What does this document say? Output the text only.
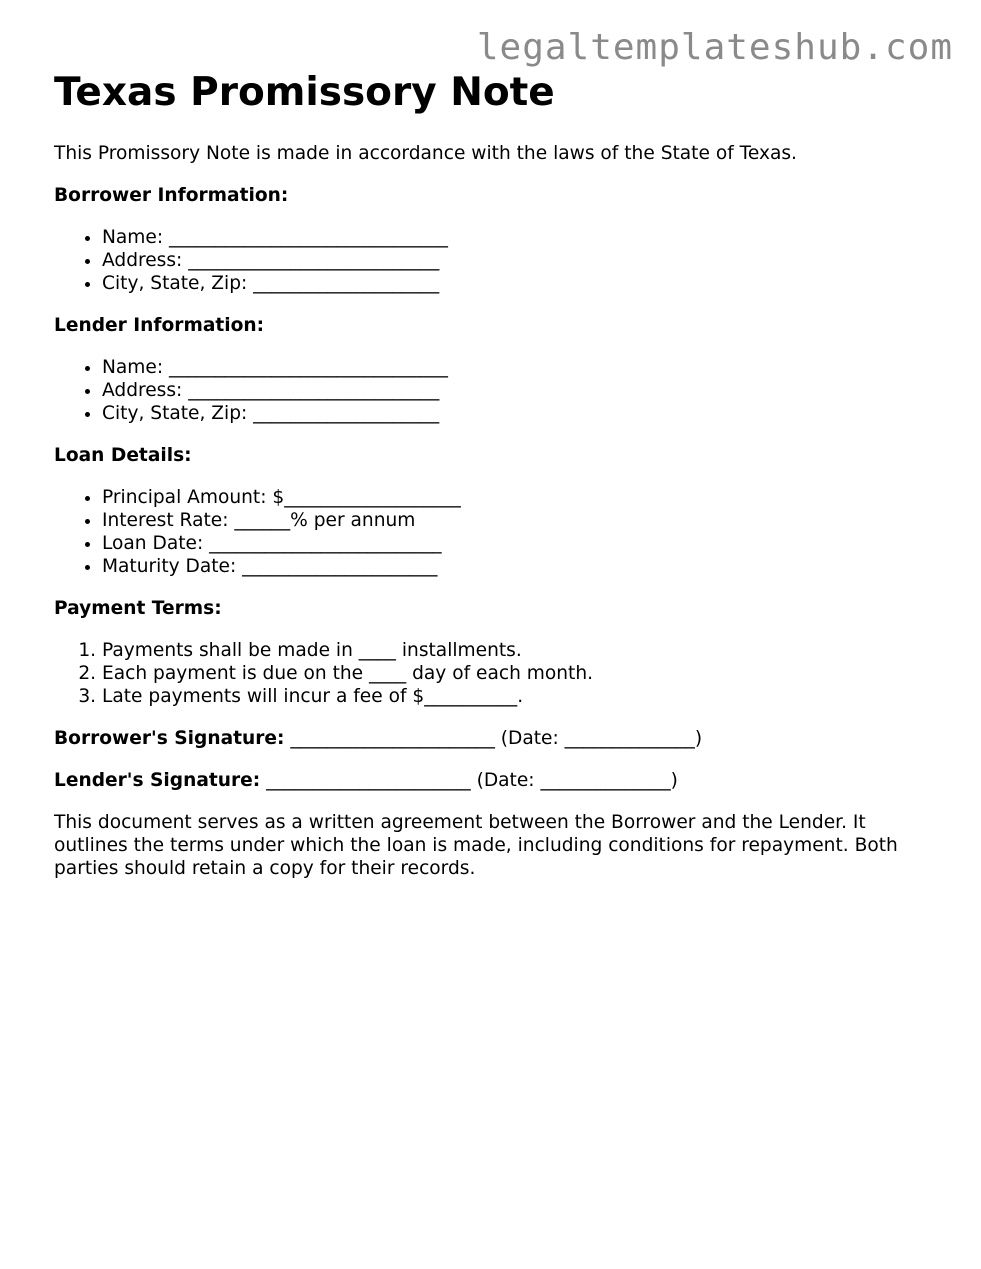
legaltemplateshub.com
Texas Promissory Note

This Promissory Note is made in accordance with the laws of the State of Texas.

Borrower Information:

• Name: ______________________________
• Address: ___________________________
• City, State, Zip: ____________________

Lender Information:

• Name: ______________________________
• Address: ___________________________
• City, State, Zip: ____________________

Loan Details:

• Principal Amount: $___________________
• Interest Rate: ______% per annum
• Loan Date: _________________________
• Maturity Date: _____________________

Payment Terms:

1. Payments shall be made in ____ installments.
2. Each payment is due on the ____ day of each month.
3. Late payments will incur a fee of $__________.

Borrower's Signature: ______________________ (Date: ______________)

Lender's Signature: ______________________ (Date: ______________)

This document serves as a written agreement between the Borrower and the Lender. It outlines the terms under which the loan is made, including conditions for repayment. Both parties should retain a copy for their records.
